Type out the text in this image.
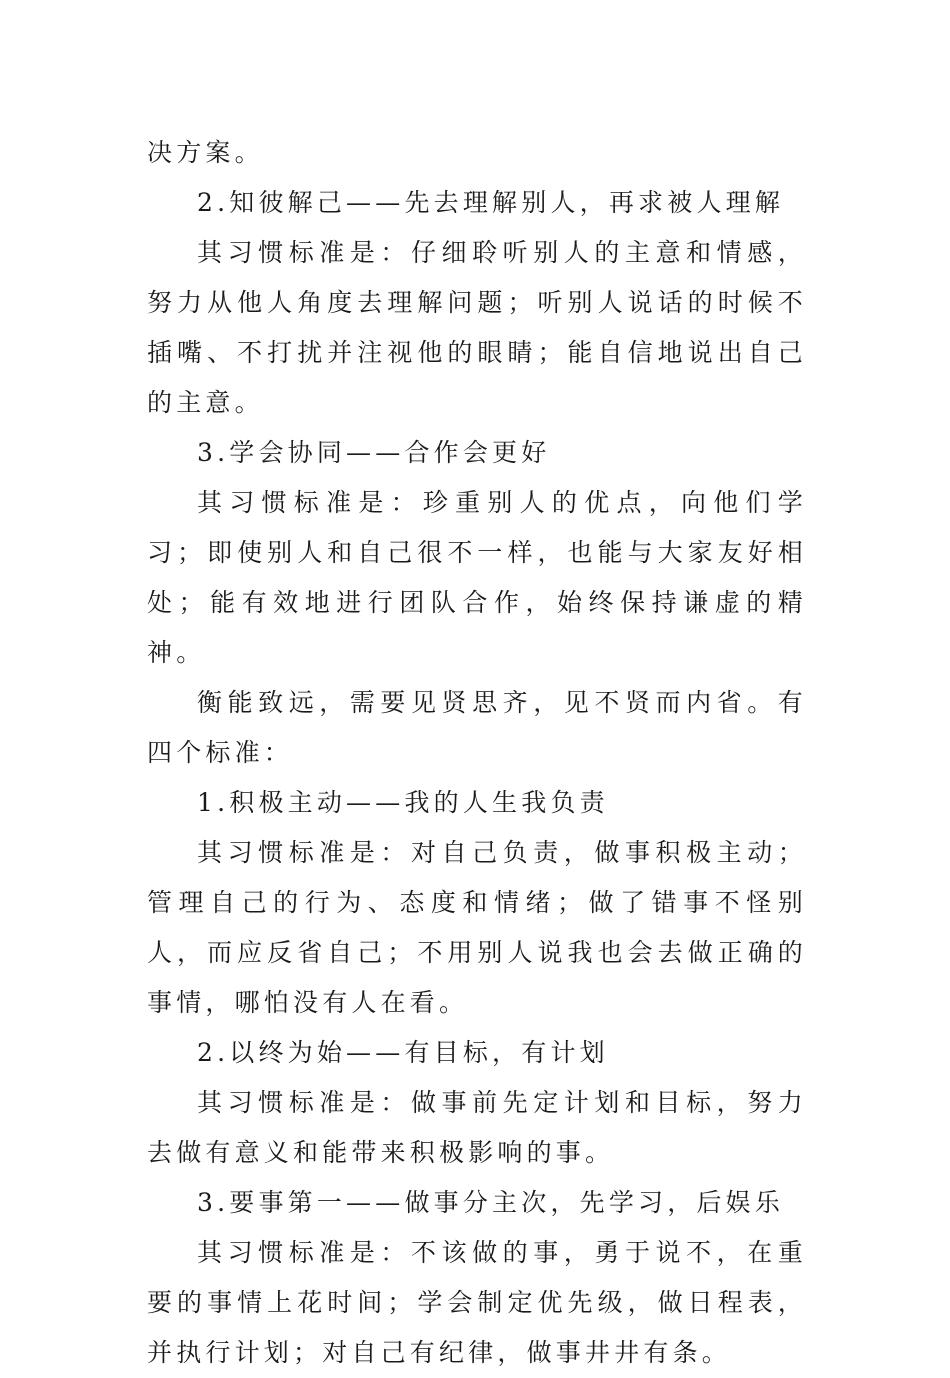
决方案。

2.知彼解己——先去理解别人，再求被人理解

其习惯标准是：仔细聆听别人的主意和情感，努力从他人角度去理解问题；听别人说话的时候不插嘴、不打扰并注视他的眼睛；能自信地说出自己的主意。

3.学会协同——合作会更好

其习惯标准是：珍重别人的优点，向他们学习；即使别人和自己很不一样，也能与大家友好相处；能有效地进行团队合作，始终保持谦虚的精神。

衡能致远，需要见贤思齐，见不贤而内省。有四个标准：

1.积极主动——我的人生我负责

其习惯标准是：对自己负责，做事积极主动；管理自己的行为、态度和情绪；做了错事不怪别人，而应反省自己；不用别人说我也会去做正确的事情，哪怕没有人在看。

2.以终为始——有目标，有计划

其习惯标准是：做事前先定计划和目标，努力去做有意义和能带来积极影响的事。

3.要事第一——做事分主次，先学习，后娱乐

其习惯标准是：不该做的事，勇于说不，在重要的事情上花时间；学会制定优先级，做日程表，并执行计划；对自己有纪律，做事井井有条。
